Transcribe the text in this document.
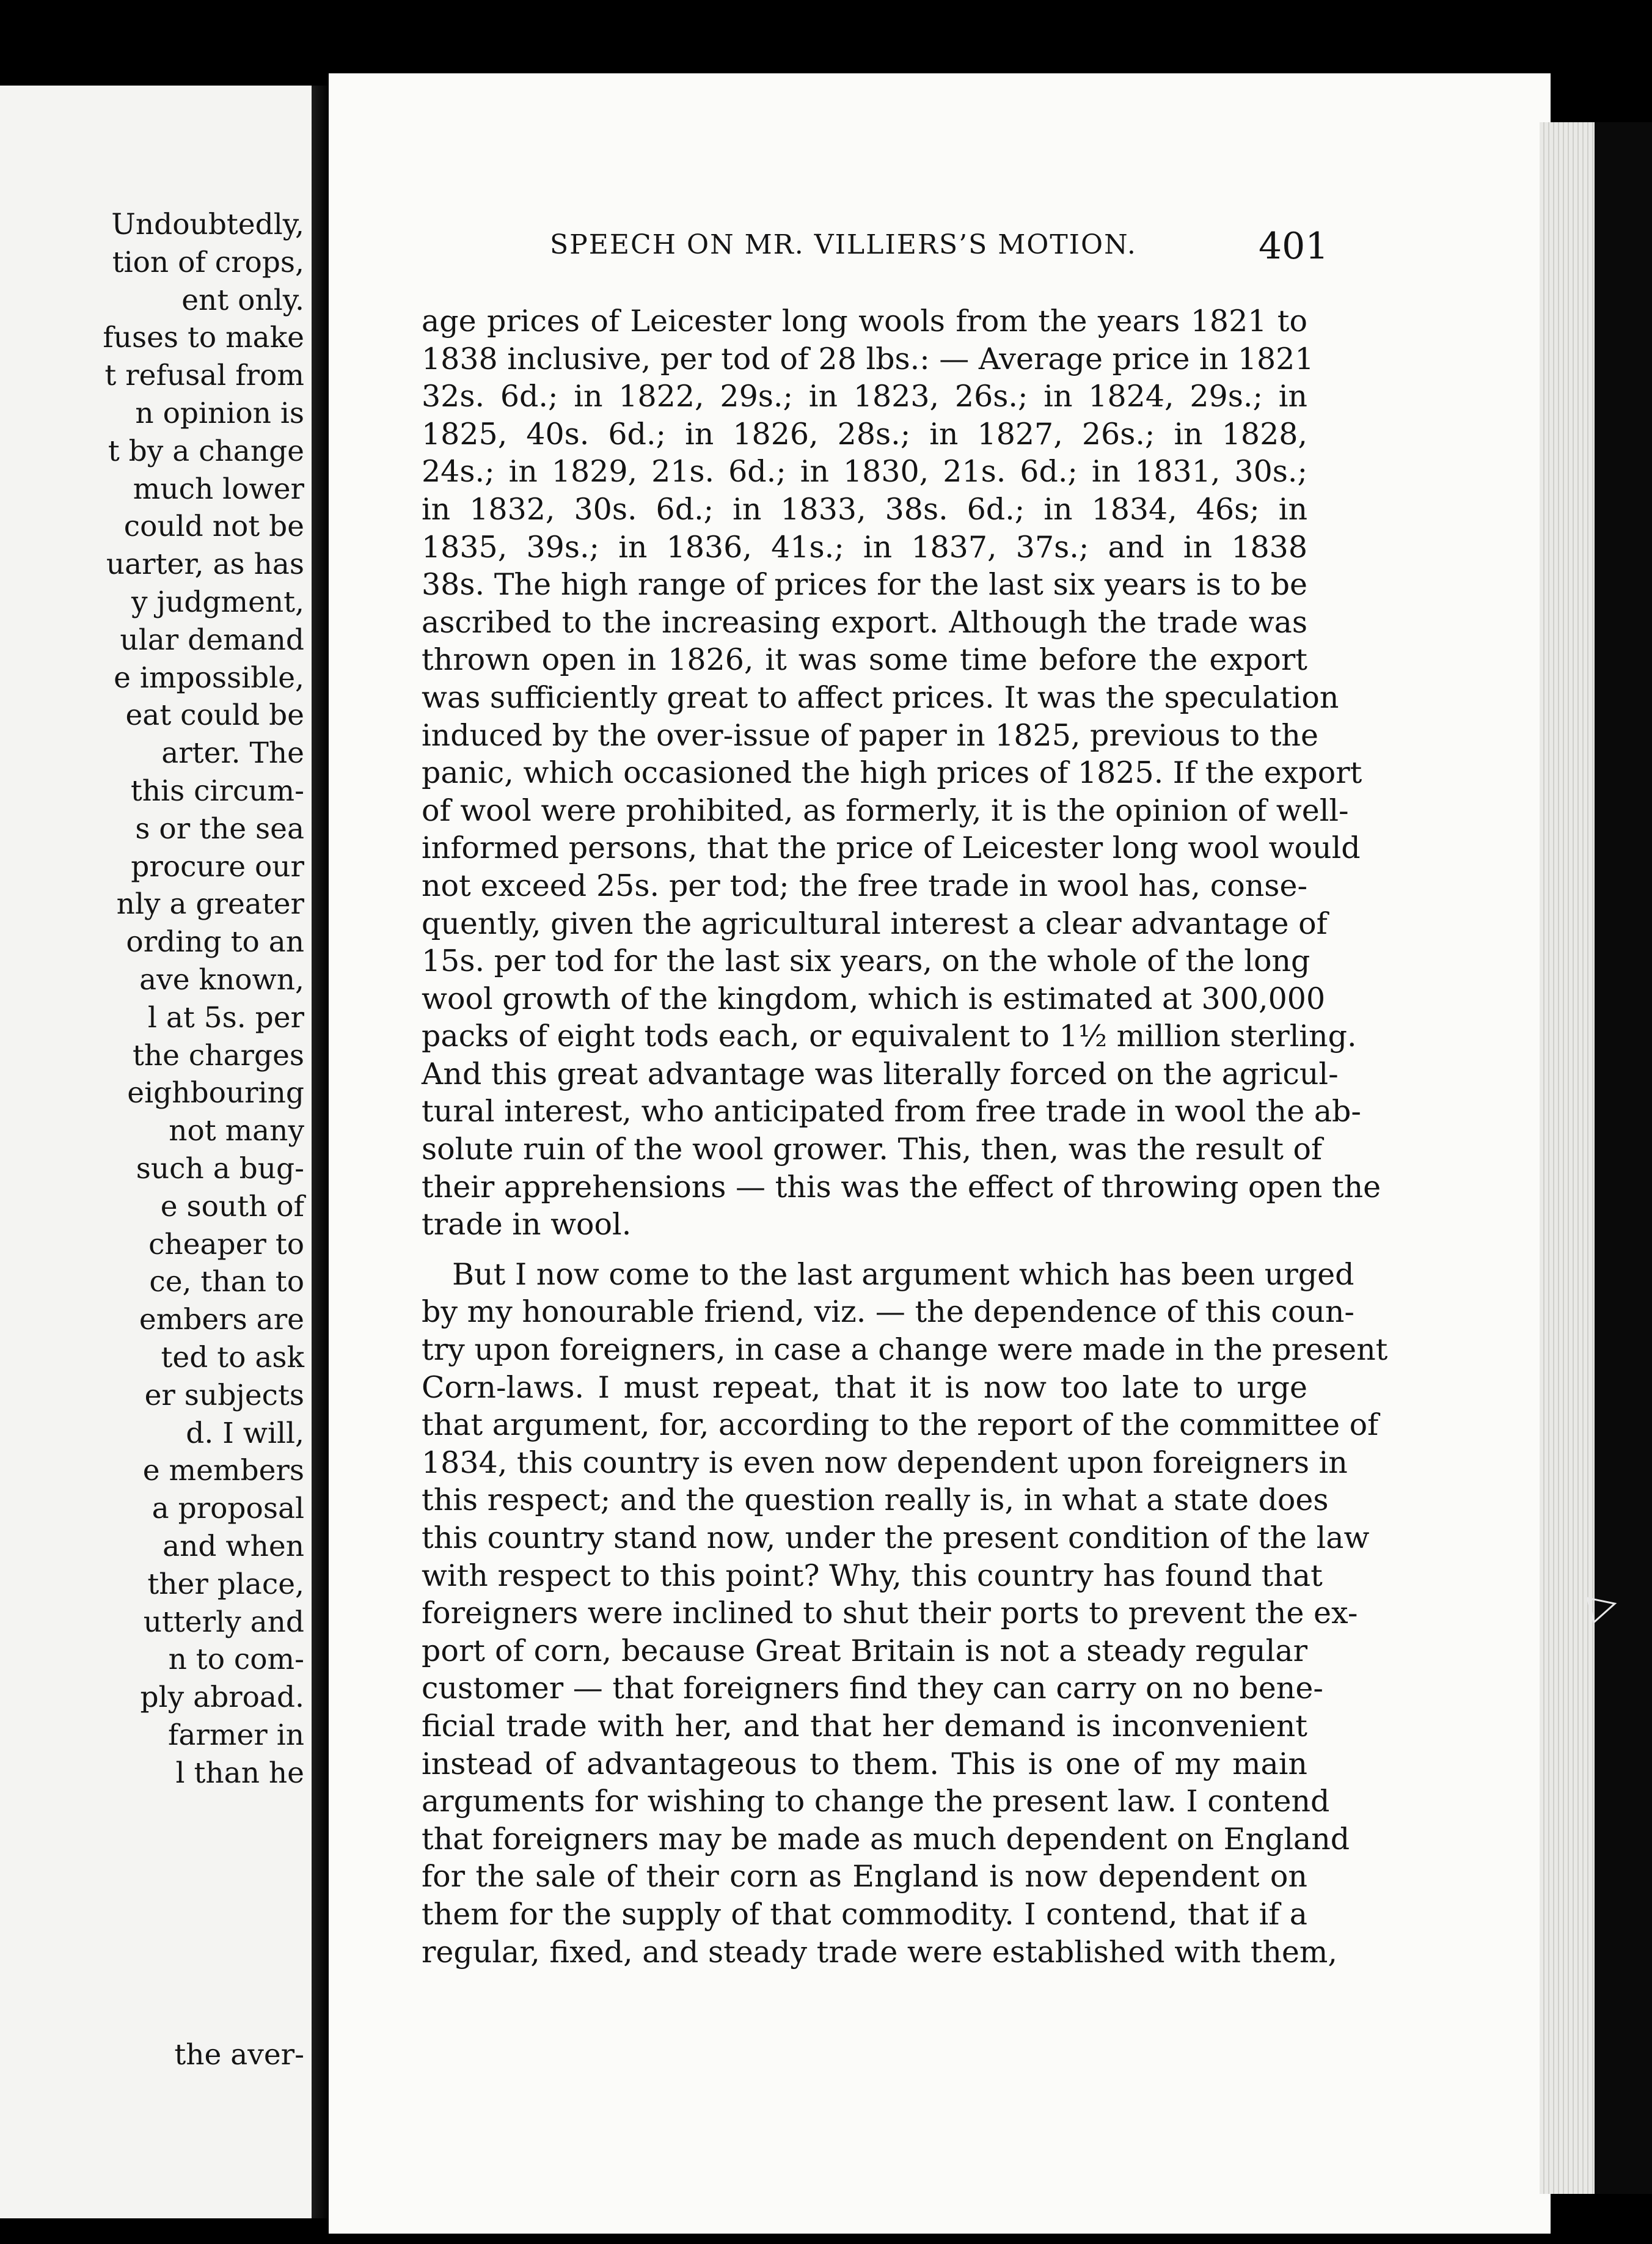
Undoubtedly,
tion of crops,
ent only.
fuses to make
t refusal from
n opinion is
t by a change
much lower
could not be
uarter, as has
y judgment,
ular demand
e impossible,
eat could be
arter. The
this circum-
s or the sea
procure our
nly a greater
ording to an
ave known,
l at 5s. per
the charges
eighbouring
not many
such a bug-
e south of
cheaper to
ce, than to
embers are
ted to ask
er subjects
d. I will,
e members
a proposal
and when
ther place,
utterly and
n to com-
ply abroad.
farmer in
l than he
the aver-
SPEECH ON MR. VILLIERS’S MOTION.	401
age prices of Leicester long wools from the years 1821 to
1838 inclusive, per tod of 28 lbs.: — Average price in 1821
32s. 6d.; in 1822, 29s.; in 1823, 26s.; in 1824, 29s.; in
1825, 40s. 6d.; in 1826, 28s.; in 1827, 26s.; in 1828,
24s.; in 1829, 21s. 6d.; in 1830, 21s. 6d.; in 1831, 30s.;
in 1832, 30s. 6d.; in 1833, 38s. 6d.; in 1834, 46s; in
1835, 39s.; in 1836, 41s.; in 1837, 37s.; and in 1838
38s. The high range of prices for the last six years is to be
ascribed to the increasing export. Although the trade was
thrown open in 1826, it was some time before the export
was sufficiently great to affect prices. It was the speculation
induced by the over-issue of paper in 1825, previous to the
panic, which occasioned the high prices of 1825. If the export
of wool were prohibited, as formerly, it is the opinion of well-
informed persons, that the price of Leicester long wool would
not exceed 25s. per tod; the free trade in wool has, conse-
quently, given the agricultural interest a clear advantage of
15s. per tod for the last six years, on the whole of the long
wool growth of the kingdom, which is estimated at 300,000
packs of eight tods each, or equivalent to 1½ million sterling.
And this great advantage was literally forced on the agricul-
tural interest, who anticipated from free trade in wool the ab-
solute ruin of the wool grower. This, then, was the result of
their apprehensions — this was the effect of throwing open the
trade in wool.
But I now come to the last argument which has been urged
by my honourable friend, viz. — the dependence of this coun-
try upon foreigners, in case a change were made in the present
Corn-laws. I must repeat, that it is now too late to urge
that argument, for, according to the report of the committee of
1834, this country is even now dependent upon foreigners in
this respect; and the question really is, in what a state does
this country stand now, under the present condition of the law
with respect to this point? Why, this country has found that
foreigners were inclined to shut their ports to prevent the ex-
port of corn, because Great Britain is not a steady regular
customer — that foreigners find they can carry on no bene-
ficial trade with her, and that her demand is inconvenient
instead of advantageous to them. This is one of my main
arguments for wishing to change the present law. I contend
that foreigners may be made as much dependent on England
for the sale of their corn as England is now dependent on
them for the supply of that commodity. I contend, that if a
regular, fixed, and steady trade were established with them,
▷
